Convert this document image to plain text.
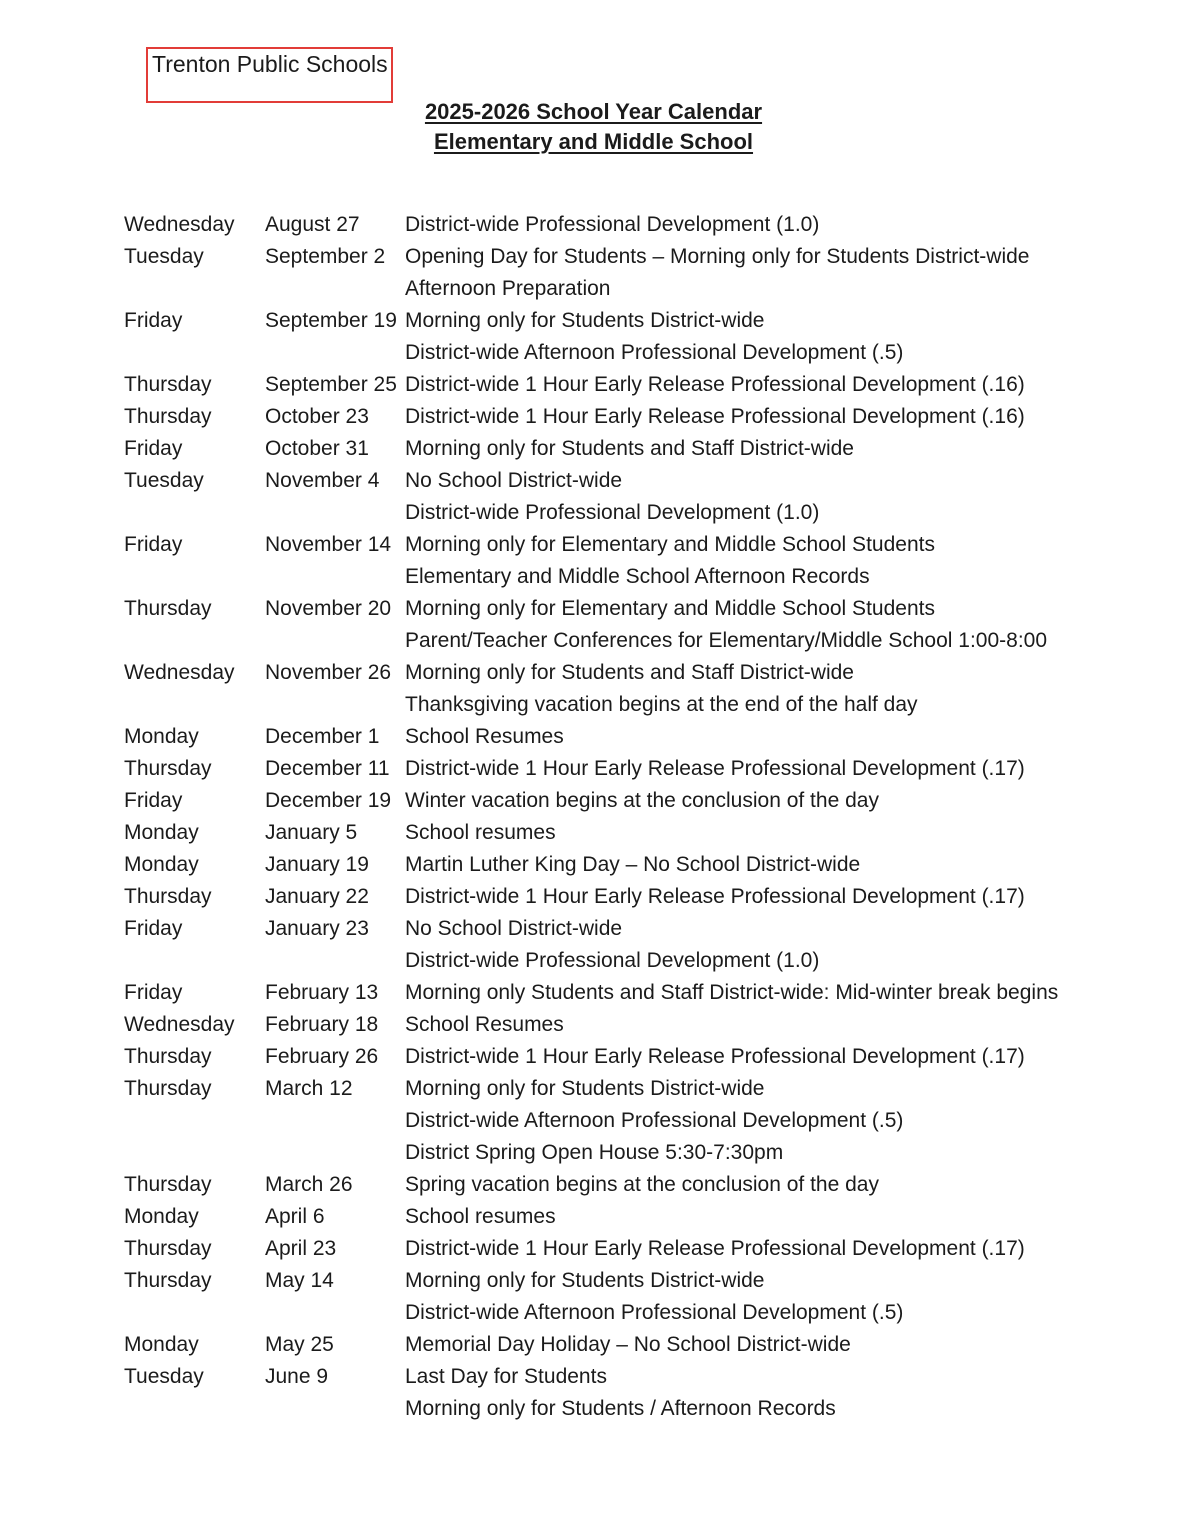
Trenton Public Schools
2025-2026 School Year Calendar
Elementary and Middle School
Wednesday	August 27	District-wide Professional Development (1.0)
Tuesday	September 2 Opening Day for Students – Morning only for Students District-wide
Afternoon Preparation
Friday	September 19 Morning only for Students District-wide
District-wide Afternoon Professional Development (.5)
Thursday	September 25 District-wide 1 Hour Early Release Professional Development (.16)
Thursday	October 23	District-wide 1 Hour Early Release Professional Development (.16)
Friday	October 31	Morning only for Students and Staff District-wide
Tuesday	November 4	No School District-wide
District-wide Professional Development (1.0)
Friday	November 14 Morning only for Elementary and Middle School Students
Elementary and Middle School Afternoon Records
Thursday	November 20 Morning only for Elementary and Middle School Students
Parent/Teacher Conferences for Elementary/Middle School 1:00-8:00
Wednesday	November 26 Morning only for Students and Staff District-wide
Thanksgiving vacation begins at the end of the half day
Monday	December 1	School Resumes
Thursday	December 11 District-wide 1 Hour Early Release Professional Development (.17)
Friday	December 19 Winter vacation begins at the conclusion of the day
Monday	January 5	School resumes
Monday	January 19	Martin Luther King Day – No School District-wide
Thursday	January 22	District-wide 1 Hour Early Release Professional Development (.17)
Friday	January 23	No School District-wide
District-wide Professional Development (1.0)
Friday	February 13	Morning only Students and Staff District-wide: Mid-winter break begins
Wednesday	February 18	School Resumes
Thursday	February 26	District-wide 1 Hour Early Release Professional Development (.17)
Thursday	March 12	Morning only for Students District-wide
District-wide Afternoon Professional Development (.5)
District Spring Open House 5:30-7:30pm
Thursday	March 26	Spring vacation begins at the conclusion of the day
Monday	April 6	School resumes
Thursday	April 23	District-wide 1 Hour Early Release Professional Development (.17)
Thursday	May 14	Morning only for Students District-wide
District-wide Afternoon Professional Development (.5)
Monday	May 25	Memorial Day Holiday – No School District-wide
Tuesday	June 9	Last Day for Students
Morning only for Students / Afternoon Records
